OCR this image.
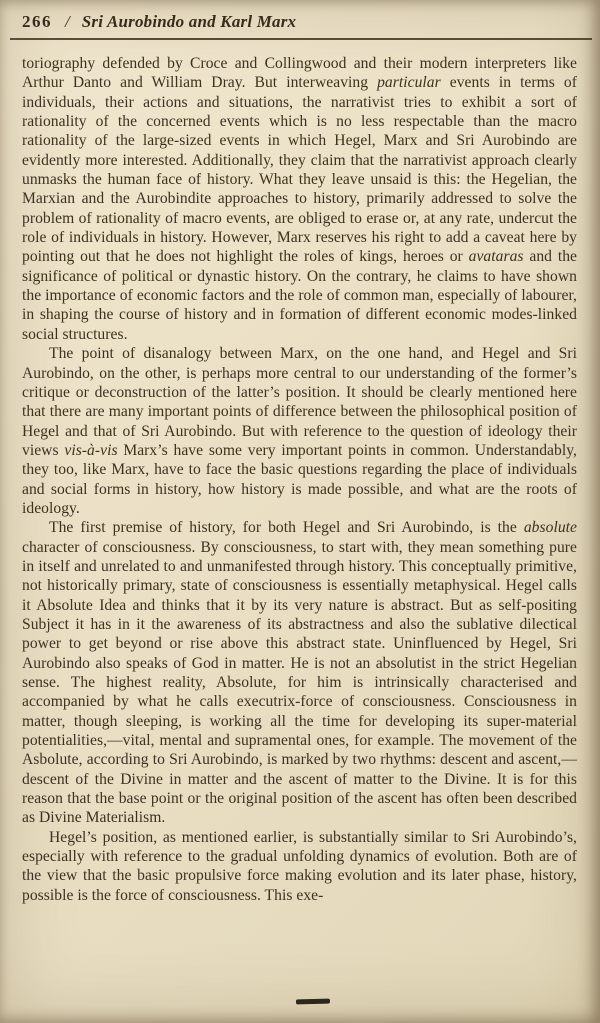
266 / Sri Aurobindo and Karl Marx

toriography defended by Croce and Collingwood and their modern interpreters like Arthur Danto and William Dray. But interweaving particular events in terms of individuals, their actions and situations, the narrativist tries to exhibit a sort of rationality of the concerned events which is no less respectable than the macro rationality of the large-sized events in which Hegel, Marx and Sri Aurobindo are evidently more interested. Additionally, they claim that the narrativist approach clearly unmasks the human face of history. What they leave unsaid is this: the Hegelian, the Marxian and the Aurobindite approaches to history, primarily addressed to solve the problem of rationality of macro events, are obliged to erase or, at any rate, undercut the role of individuals in history. However, Marx reserves his right to add a caveat here by pointing out that he does not highlight the roles of kings, heroes or avataras and the significance of political or dynastic history. On the contrary, he claims to have shown the importance of economic factors and the role of common man, especially of labourer, in shaping the course of history and in formation of different economic modes-linked social structures.

The point of disanalogy between Marx, on the one hand, and Hegel and Sri Aurobindo, on the other, is perhaps more central to our understanding of the former’s critique or deconstruction of the latter’s position. It should be clearly mentioned here that there are many important points of difference between the philosophical position of Hegel and that of Sri Aurobindo. But with reference to the question of ideology their views vis-à-vis Marx’s have some very important points in common. Understandably, they too, like Marx, have to face the basic questions regarding the place of individuals and social forms in history, how history is made possible, and what are the roots of ideology.

The first premise of history, for both Hegel and Sri Aurobindo, is the absolute character of consciousness. By consciousness, to start with, they mean something pure in itself and unrelated to and unmanifested through history. This conceptually primitive, not historically primary, state of consciousness is essentially metaphysical. Hegel calls it Absolute Idea and thinks that it by its very nature is abstract. But as self-positing Subject it has in it the awareness of its abstractness and also the sublative dilectical power to get beyond or rise above this abstract state. Uninfluenced by Hegel, Sri Aurobindo also speaks of God in matter. He is not an absolutist in the strict Hegelian sense. The highest reality, Absolute, for him is intrinsically characterised and accompanied by what he calls executrix-force of consciousness. Consciousness in matter, though sleeping, is working all the time for developing its super-material potentialities,—vital, mental and supramental ones, for example. The movement of the Asbolute, according to Sri Aurobindo, is marked by two rhythms: descent and ascent,—descent of the Divine in matter and the ascent of matter to the Divine. It is for this reason that the base point or the original position of the ascent has often been described as Divine Materialism.

Hegel’s position, as mentioned earlier, is substantially similar to Sri Aurobindo’s, especially with reference to the gradual unfolding dynamics of evolution. Both are of the view that the basic propulsive force making evolution and its later phase, history, possible is the force of consciousness. This exe-
